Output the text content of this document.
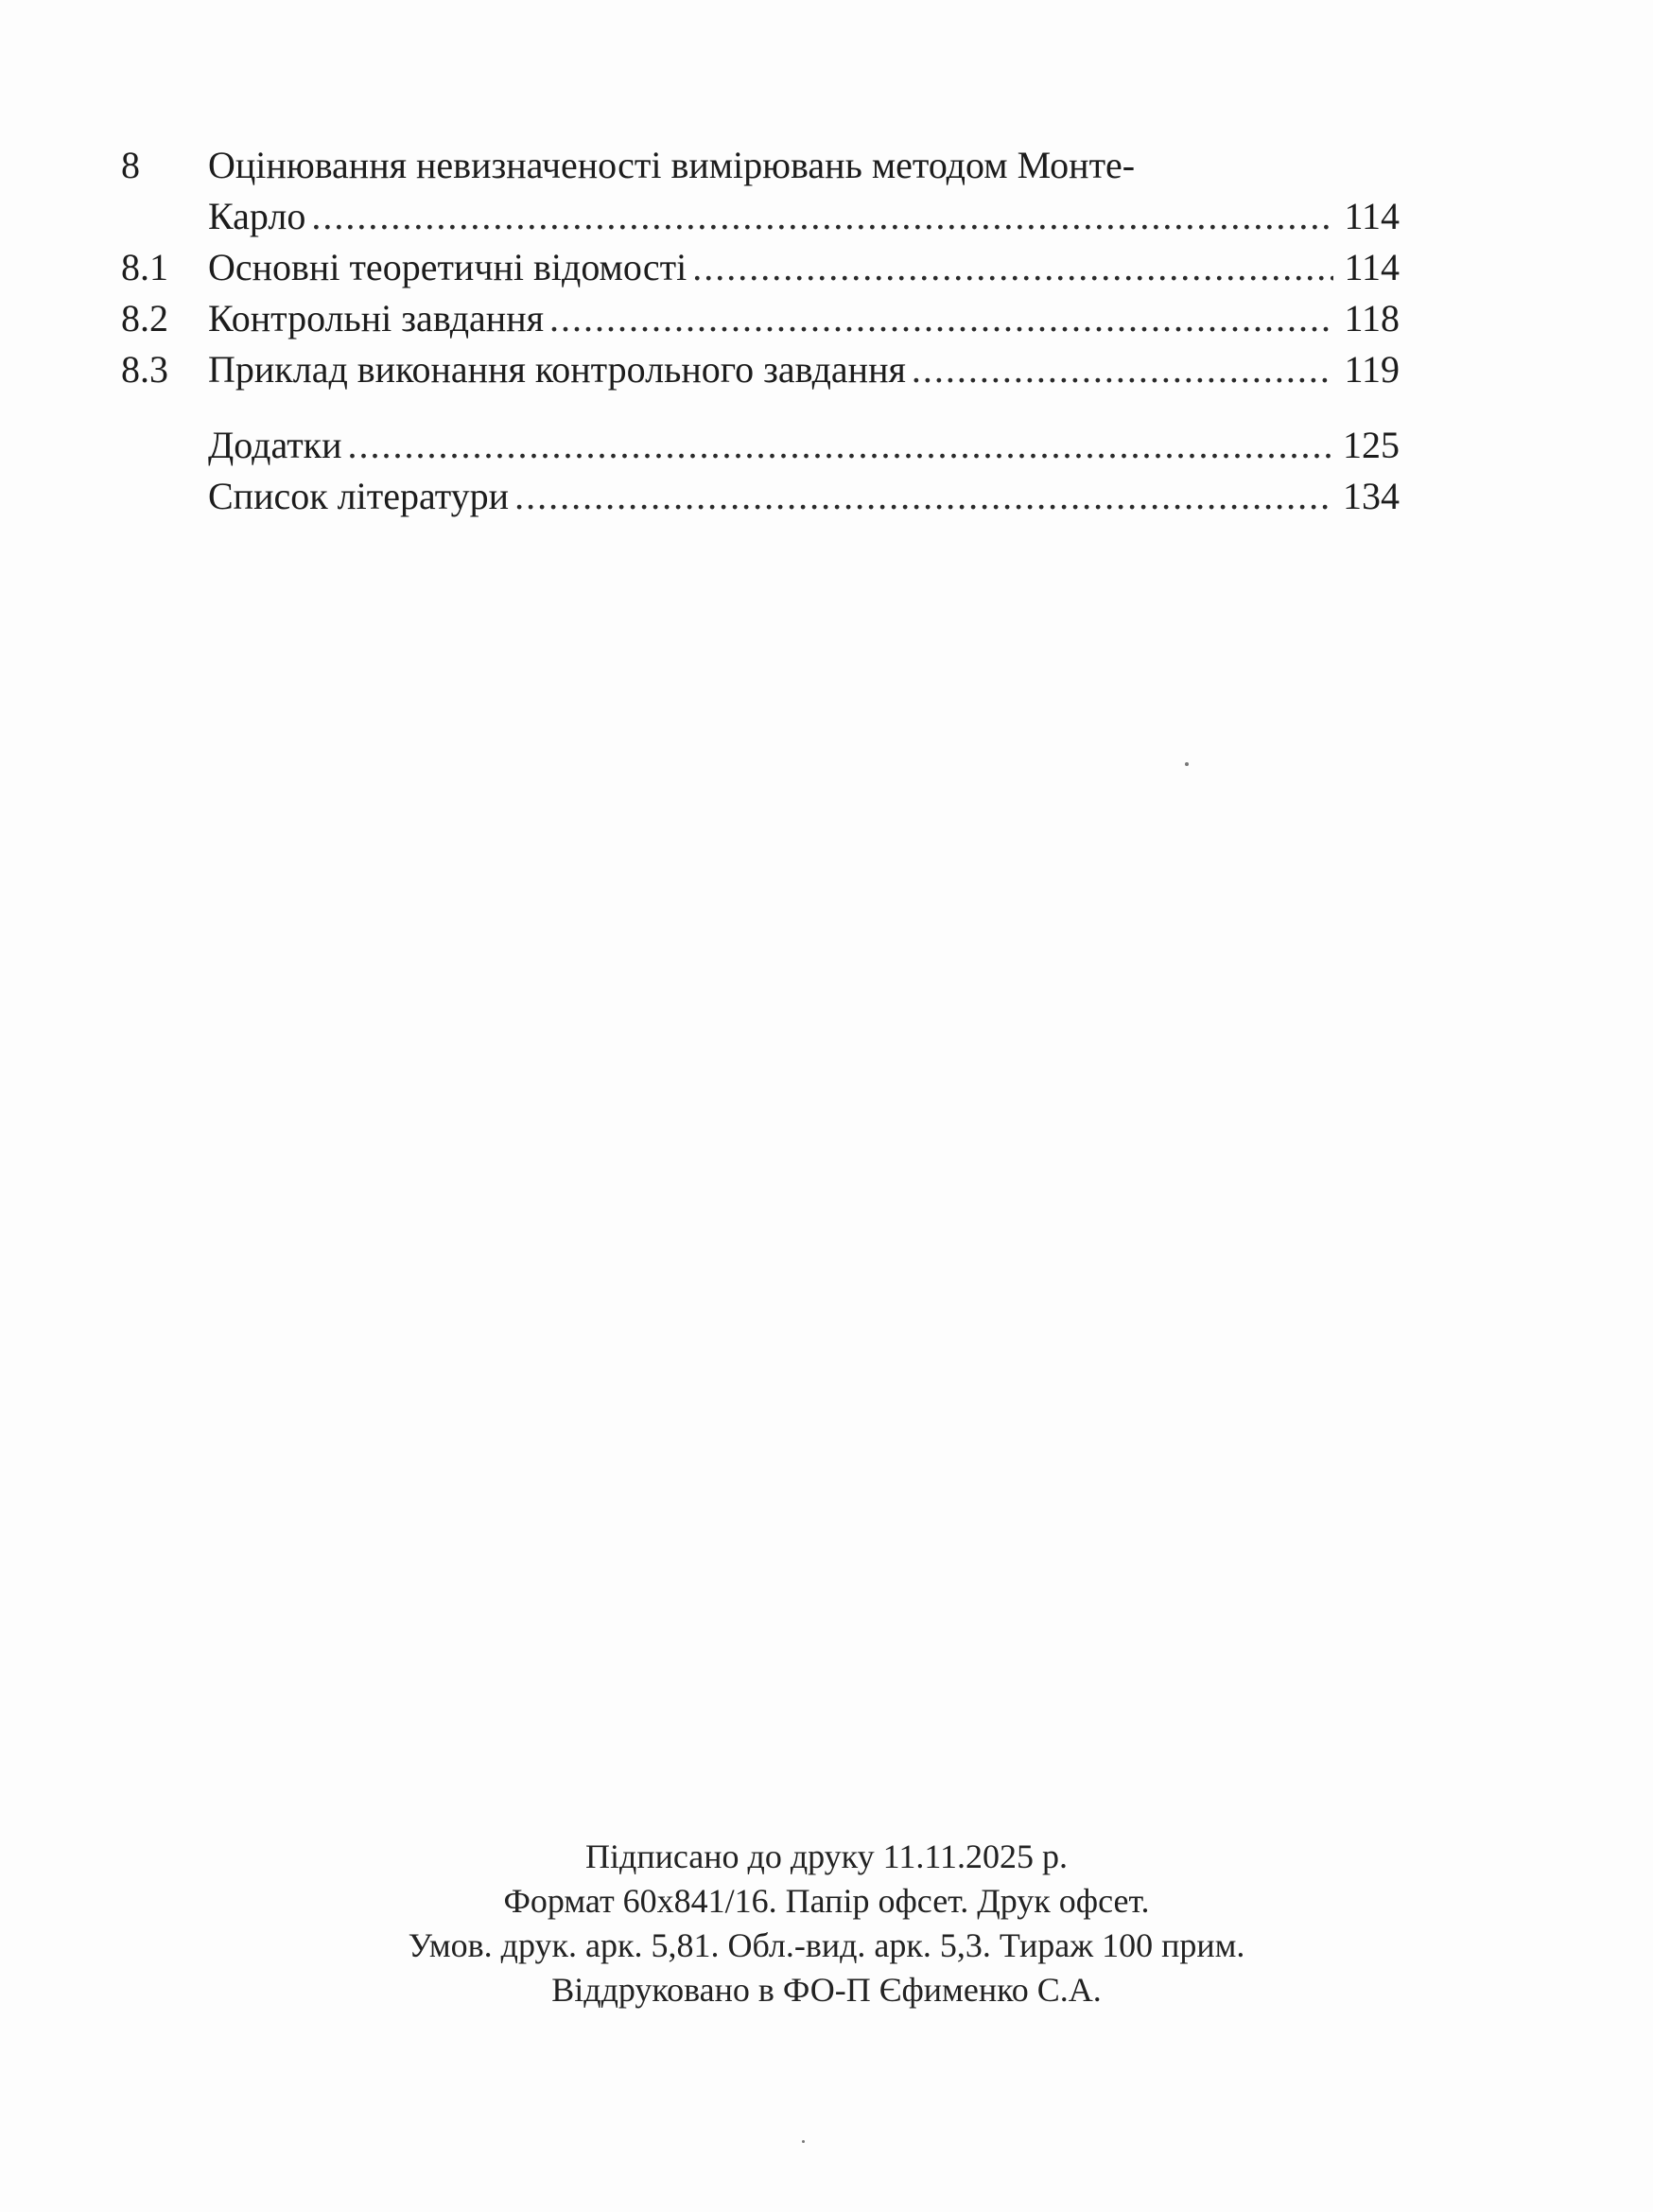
8	Оцінювання невизначеності вимірювань методом Монте-
Карло .....	114
8.1	Основні теоретичні відомості .....	114
8.2	Контрольні завдання .....	118
8.3	Приклад виконання контрольного завдання .....	119
Додатки .....	125
Список літератури .....	134
Підписано до друку 11.11.2025 р.
Формат 60x841/16. Папір офсет. Друк офсет.
Умов. друк. арк. 5,81. Обл.-вид. арк. 5,3. Тираж 100 прим.
Віддруковано в ФО-П Єфименко С.А.
